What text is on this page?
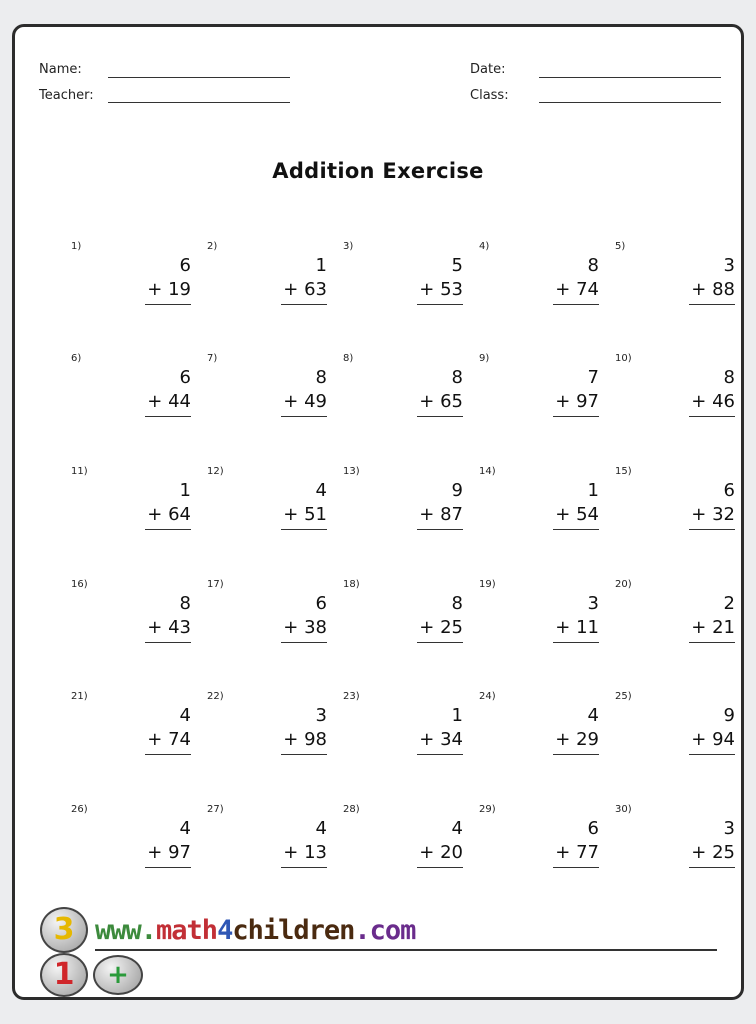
Name:
Teacher:
Date:
Class:
Addition Exercise
1)
6
+ 19
2)
1
+ 63
3)
5
+ 53
4)
8
+ 74
5)
3
+ 88
6)
6
+ 44
7)
8
+ 49
8)
8
+ 65
9)
7
+ 97
10)
8
+ 46
11)
1
+ 64
12)
4
+ 51
13)
9
+ 87
14)
1
+ 54
15)
6
+ 32
16)
8
+ 43
17)
6
+ 38
18)
8
+ 25
19)
3
+ 11
20)
2
+ 21
21)
4
+ 74
22)
3
+ 98
23)
1
+ 34
24)
4
+ 29
25)
9
+ 94
26)
4
+ 97
27)
4
+ 13
28)
4
+ 20
29)
6
+ 77
30)
3
+ 25
3
1	+
www.math4children.com
